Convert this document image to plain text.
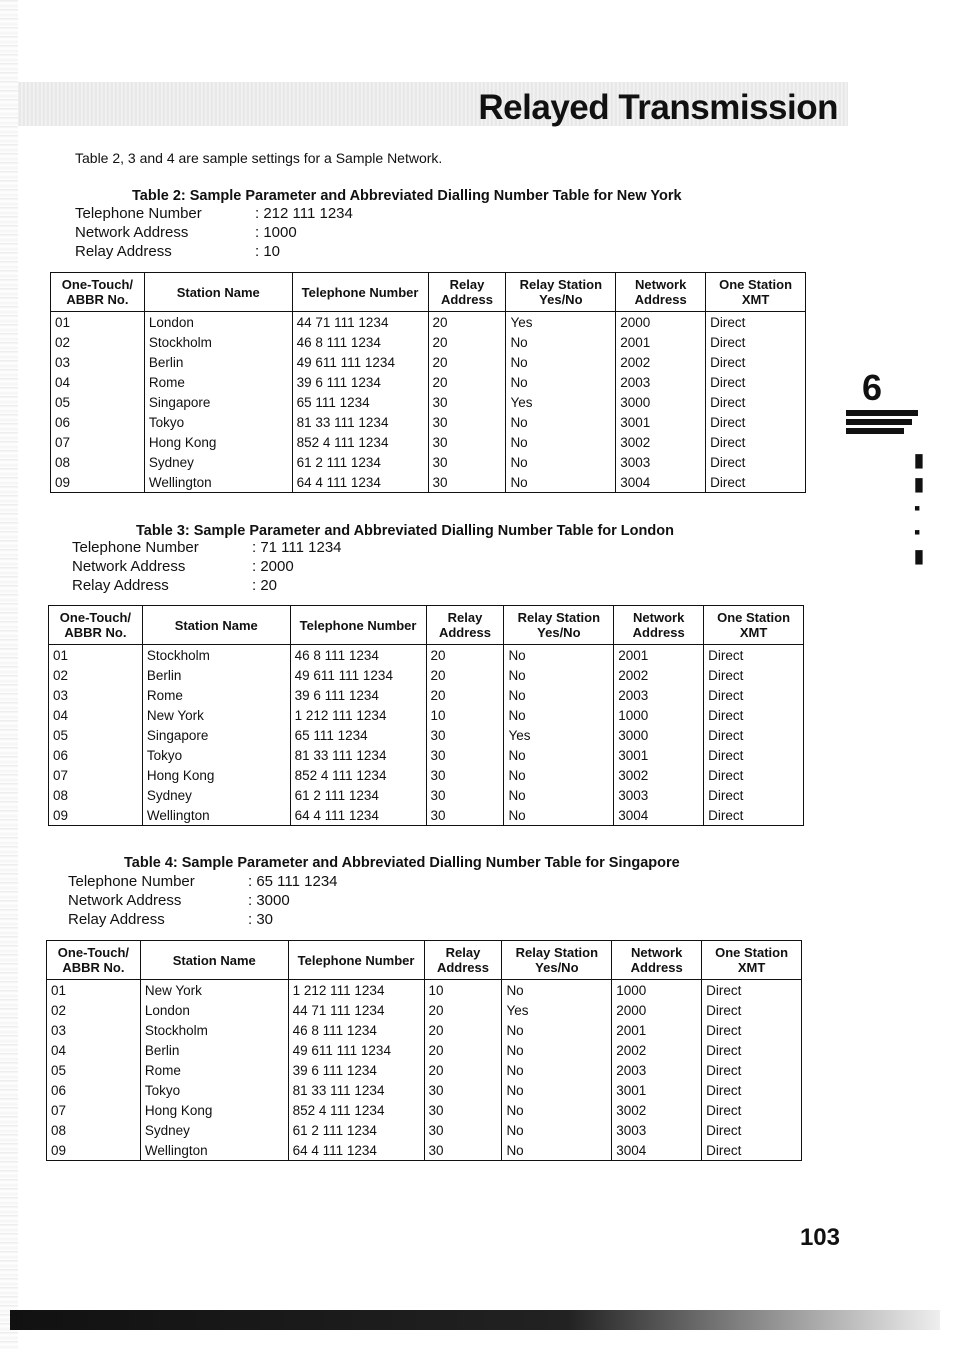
Relayed Transmission
Table 2, 3 and 4 are sample settings for a Sample Network.
Table 2: Sample Parameter and Abbreviated Dialling Number Table for New York
Telephone Number	: 212 111 1234
Network Address	: 1000
Relay Address	: 10
One-Touch/ ABBR No.	Station Name	Telephone Number	Relay Address	Relay Station Yes/No	Network Address	One Station XMT
01	London	44 71 111 1234	20	Yes	2000	Direct
02	Stockholm	46 8 111 1234	20	No	2001	Direct
03	Berlin	49 611 111 1234	20	No	2002	Direct
04	Rome	39 6 111 1234	20	No	2003	Direct
05	Singapore	65 111 1234	30	Yes	3000	Direct
06	Tokyo	81 33 111 1234	30	No	3001	Direct
07	Hong Kong	852 4 111 1234	30	No	3002	Direct
08	Sydney	61 2 111 1234	30	No	3003	Direct
09	Wellington	64 4 111 1234	30	No	3004	Direct
Table 3: Sample Parameter and Abbreviated Dialling Number Table for London
Telephone Number	: 71 111 1234
Network Address	: 2000
Relay Address	: 20
One-Touch/ ABBR No.	Station Name	Telephone Number	Relay Address	Relay Station Yes/No	Network Address	One Station XMT
01	Stockholm	46 8 111 1234	20	No	2001	Direct
02	Berlin	49 611 111 1234	20	No	2002	Direct
03	Rome	39 6 111 1234	20	No	2003	Direct
04	New York	1 212 111 1234	10	No	1000	Direct
05	Singapore	65 111 1234	30	Yes	3000	Direct
06	Tokyo	81 33 111 1234	30	No	3001	Direct
07	Hong Kong	852 4 111 1234	30	No	3002	Direct
08	Sydney	61 2 111 1234	30	No	3003	Direct
09	Wellington	64 4 111 1234	30	No	3004	Direct
Table 4: Sample Parameter and Abbreviated Dialling Number Table for Singapore
Telephone Number	: 65 111 1234
Network Address	: 3000
Relay Address	: 30
One-Touch/ ABBR No.	Station Name	Telephone Number	Relay Address	Relay Station Yes/No	Network Address	One Station XMT
01	New York	1 212 111 1234	10	No	1000	Direct
02	London	44 71 111 1234	20	Yes	2000	Direct
03	Stockholm	46 8 111 1234	20	No	2001	Direct
04	Berlin	49 611 111 1234	20	No	2002	Direct
05	Rome	39 6 111 1234	20	No	2003	Direct
06	Tokyo	81 33 111 1234	30	No	3001	Direct
07	Hong Kong	852 4 111 1234	30	No	3002	Direct
08	Sydney	61 2 111 1234	30	No	3003	Direct
09	Wellington	64 4 111 1234	30	No	3004	Direct
6
▮
▮
▪
▪
▮
103
